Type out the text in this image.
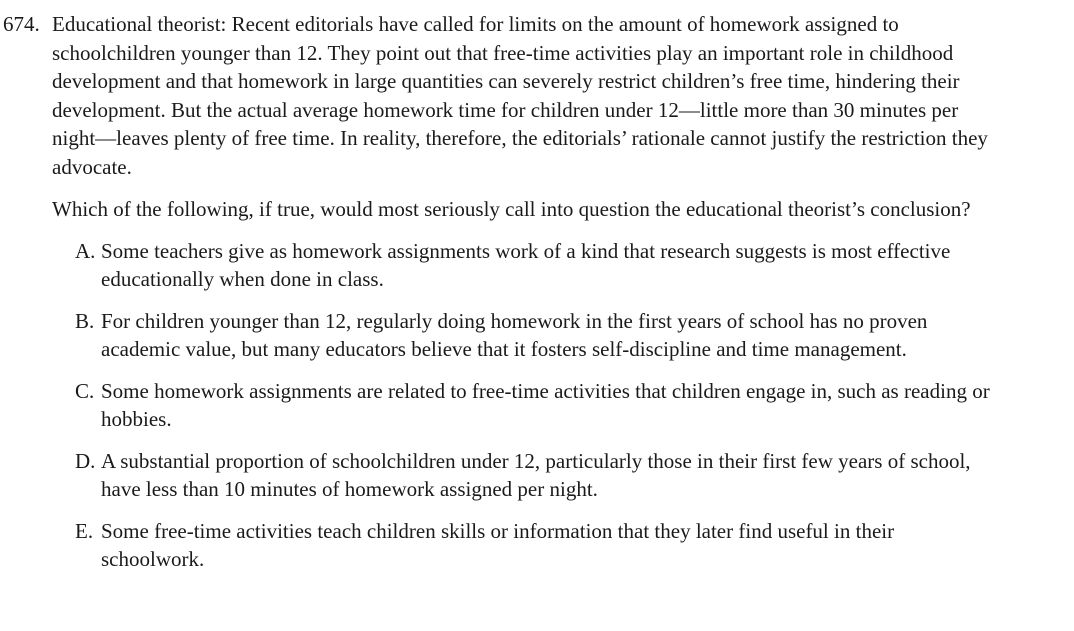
674. Educational theorist: Recent editorials have called for limits on the amount of homework assigned to schoolchildren younger than 12. They point out that free-time activities play an important role in childhood development and that homework in large quantities can severely restrict children’s free time, hindering their development. But the actual average homework time for children under 12—little more than 30 minutes per night—leaves plenty of free time. In reality, therefore, the editorials’ rationale cannot justify the restriction they advocate.

Which of the following, if true, would most seriously call into question the educational theorist’s conclusion?

A. Some teachers give as homework assignments work of a kind that research suggests is most effective educationally when done in class.
B. For children younger than 12, regularly doing homework in the first years of school has no proven academic value, but many educators believe that it fosters self-discipline and time management.
C. Some homework assignments are related to free-time activities that children engage in, such as reading or hobbies.
D. A substantial proportion of schoolchildren under 12, particularly those in their first few years of school, have less than 10 minutes of homework assigned per night.
E. Some free-time activities teach children skills or information that they later find useful in their schoolwork.
